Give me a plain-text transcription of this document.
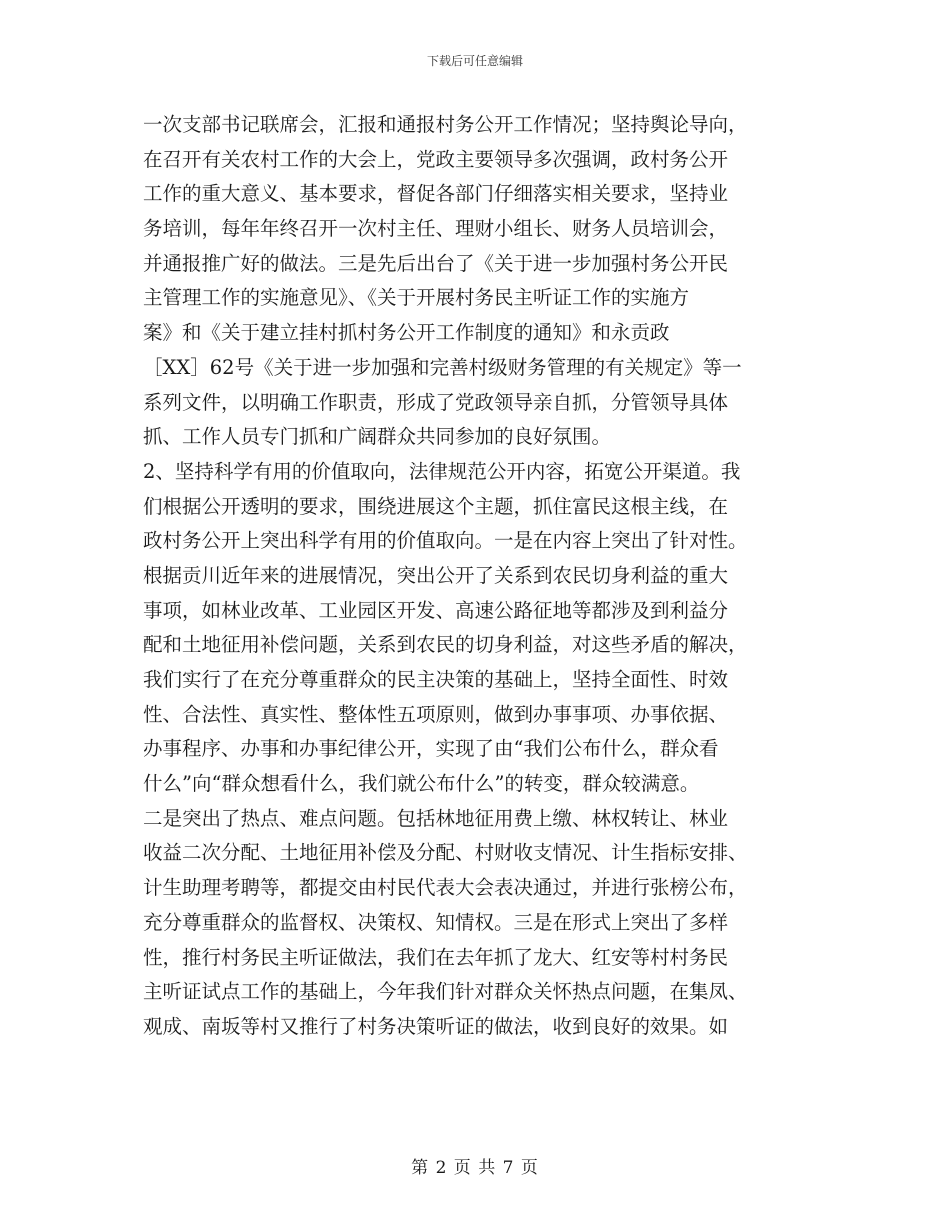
下载后可任意编辑
一次支部书记联席会，汇报和通报村务公开工作情况；坚持舆论导向，
在召开有关农村工作的大会上，党政主要领导多次强调，政村务公开
工作的重大意义、基本要求，督促各部门仔细落实相关要求，坚持业
务培训，每年年终召开一次村主任、理财小组长、财务人员培训会，
并通报推广好的做法。三是先后出台了《关于进一步加强村务公开民
主管理工作的实施意见》、《关于开展村务民主听证工作的实施方
案》和《关于建立挂村抓村务公开工作制度的通知》和永贡政
［XX］62号《关于进一步加强和完善村级财务管理的有关规定》等一
系列文件，以明确工作职责，形成了党政领导亲自抓，分管领导具体
抓、工作人员专门抓和广阔群众共同参加的良好氛围。
2、坚持科学有用的价值取向，法律规范公开内容，拓宽公开渠道。我
们根据公开透明的要求，围绕进展这个主题，抓住富民这根主线，在
政村务公开上突出科学有用的价值取向。一是在内容上突出了针对性。
根据贡川近年来的进展情况，突出公开了关系到农民切身利益的重大
事项，如林业改革、工业园区开发、高速公路征地等都涉及到利益分
配和土地征用补偿问题，关系到农民的切身利益，对这些矛盾的解决，
我们实行了在充分尊重群众的民主决策的基础上，坚持全面性、时效
性、合法性、真实性、整体性五项原则，做到办事事项、办事依据、
办事程序、办事和办事纪律公开，实现了由“我们公布什么，群众看
什么”向“群众想看什么，我们就公布什么”的转变，群众较满意。
二是突出了热点、难点问题。包括林地征用费上缴、林权转让、林业
收益二次分配、土地征用补偿及分配、村财收支情况、计生指标安排、
计生助理考聘等，都提交由村民代表大会表决通过，并进行张榜公布，
充分尊重群众的监督权、决策权、知情权。三是在形式上突出了多样
性，推行村务民主听证做法，我们在去年抓了龙大、红安等村村务民
主听证试点工作的基础上，今年我们针对群众关怀热点问题，在集凤、
观成、南坂等村又推行了村务决策听证的做法，收到良好的效果。如
第 2 页 共 7 页
